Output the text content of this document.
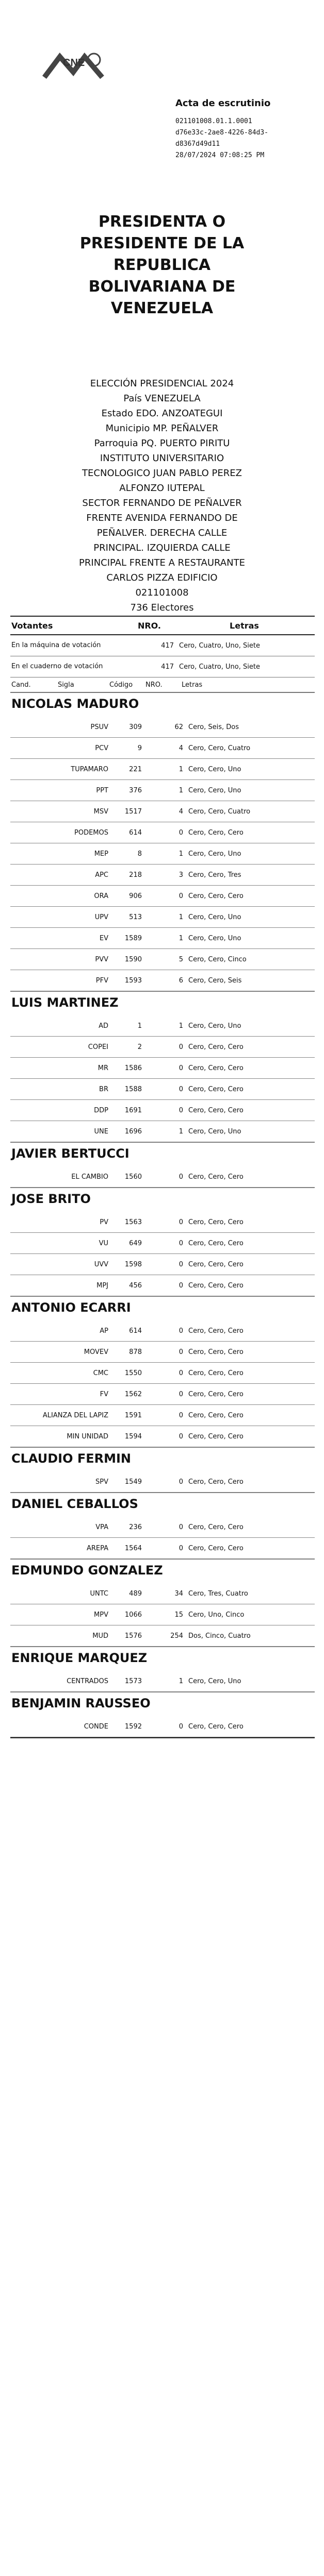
CNE
Acta de escrutinio
021101008.01.1.0001
d76e33c-2ae8-4226-84d3-
d8367d49d11
28/07/2024 07:08:25 PM
PRESIDENTA O
PRESIDENTE DE LA
REPUBLICA
BOLIVARIANA DE
VENEZUELA
ELECCIÓN PRESIDENCIAL 2024
País VENEZUELA
Estado EDO. ANZOATEGUI
Municipio MP. PEÑALVER
Parroquia PQ. PUERTO PIRITU
INSTITUTO UNIVERSITARIO
TECNOLOGICO JUAN PABLO PEREZ
ALFONZO IUTEPAL
SECTOR FERNANDO DE PEÑALVER
FRENTE AVENIDA FERNANDO DE
PEÑALVER. DERECHA CALLE
PRINCIPAL. IZQUIERDA CALLE
PRINCIPAL FRENTE A RESTAURANTE
CARLOS PIZZA EDIFICIO
021101008
736 Electores
Votantes	NRO.	Letras
En la máquina de votación	417 Cero, Cuatro, Uno, Siete
En el cuaderno de votación	417 Cero, Cuatro, Uno, Siete
Cand.	Sigla	Código	NRO.	Letras
NICOLAS MADURO
PSUV	309	62 Cero, Seis, Dos
PCV	9	4 Cero, Cero, Cuatro
TUPAMARO	221	1 Cero, Cero, Uno
PPT	376	1 Cero, Cero, Uno
MSV	1517	4 Cero, Cero, Cuatro
PODEMOS	614	0 Cero, Cero, Cero
MEP	8	1 Cero, Cero, Uno
APC	218	3 Cero, Cero, Tres
ORA	906	0 Cero, Cero, Cero
UPV	513	1 Cero, Cero, Uno
EV	1589	1 Cero, Cero, Uno
PVV	1590	5 Cero, Cero, Cinco
PFV	1593	6 Cero, Cero, Seis
LUIS MARTINEZ
AD	1	1 Cero, Cero, Uno
COPEI	2	0 Cero, Cero, Cero
MR	1586	0 Cero, Cero, Cero
BR	1588	0 Cero, Cero, Cero
DDP	1691	0 Cero, Cero, Cero
UNE	1696	1 Cero, Cero, Uno
JAVIER BERTUCCI
EL CAMBIO	1560	0 Cero, Cero, Cero
JOSE BRITO
PV	1563	0 Cero, Cero, Cero
VU	649	0 Cero, Cero, Cero
UVV	1598	0 Cero, Cero, Cero
MPJ	456	0 Cero, Cero, Cero
ANTONIO ECARRI
AP	614	0 Cero, Cero, Cero
MOVEV	878	0 Cero, Cero, Cero
CMC	1550	0 Cero, Cero, Cero
FV	1562	0 Cero, Cero, Cero
ALIANZA DEL LAPIZ	1591	0 Cero, Cero, Cero
MIN UNIDAD	1594	0 Cero, Cero, Cero
CLAUDIO FERMIN
SPV	1549	0 Cero, Cero, Cero
DANIEL CEBALLOS
VPA	236	0 Cero, Cero, Cero
AREPA	1564	0 Cero, Cero, Cero
EDMUNDO GONZALEZ
UNTC	489	34 Cero, Tres, Cuatro
MPV	1066	15 Cero, Uno, Cinco
MUD	1576	254 Dos, Cinco, Cuatro
ENRIQUE MARQUEZ
CENTRADOS	1573	1 Cero, Cero, Uno
BENJAMIN RAUSSEO
CONDE	1592	0 Cero, Cero, Cero
